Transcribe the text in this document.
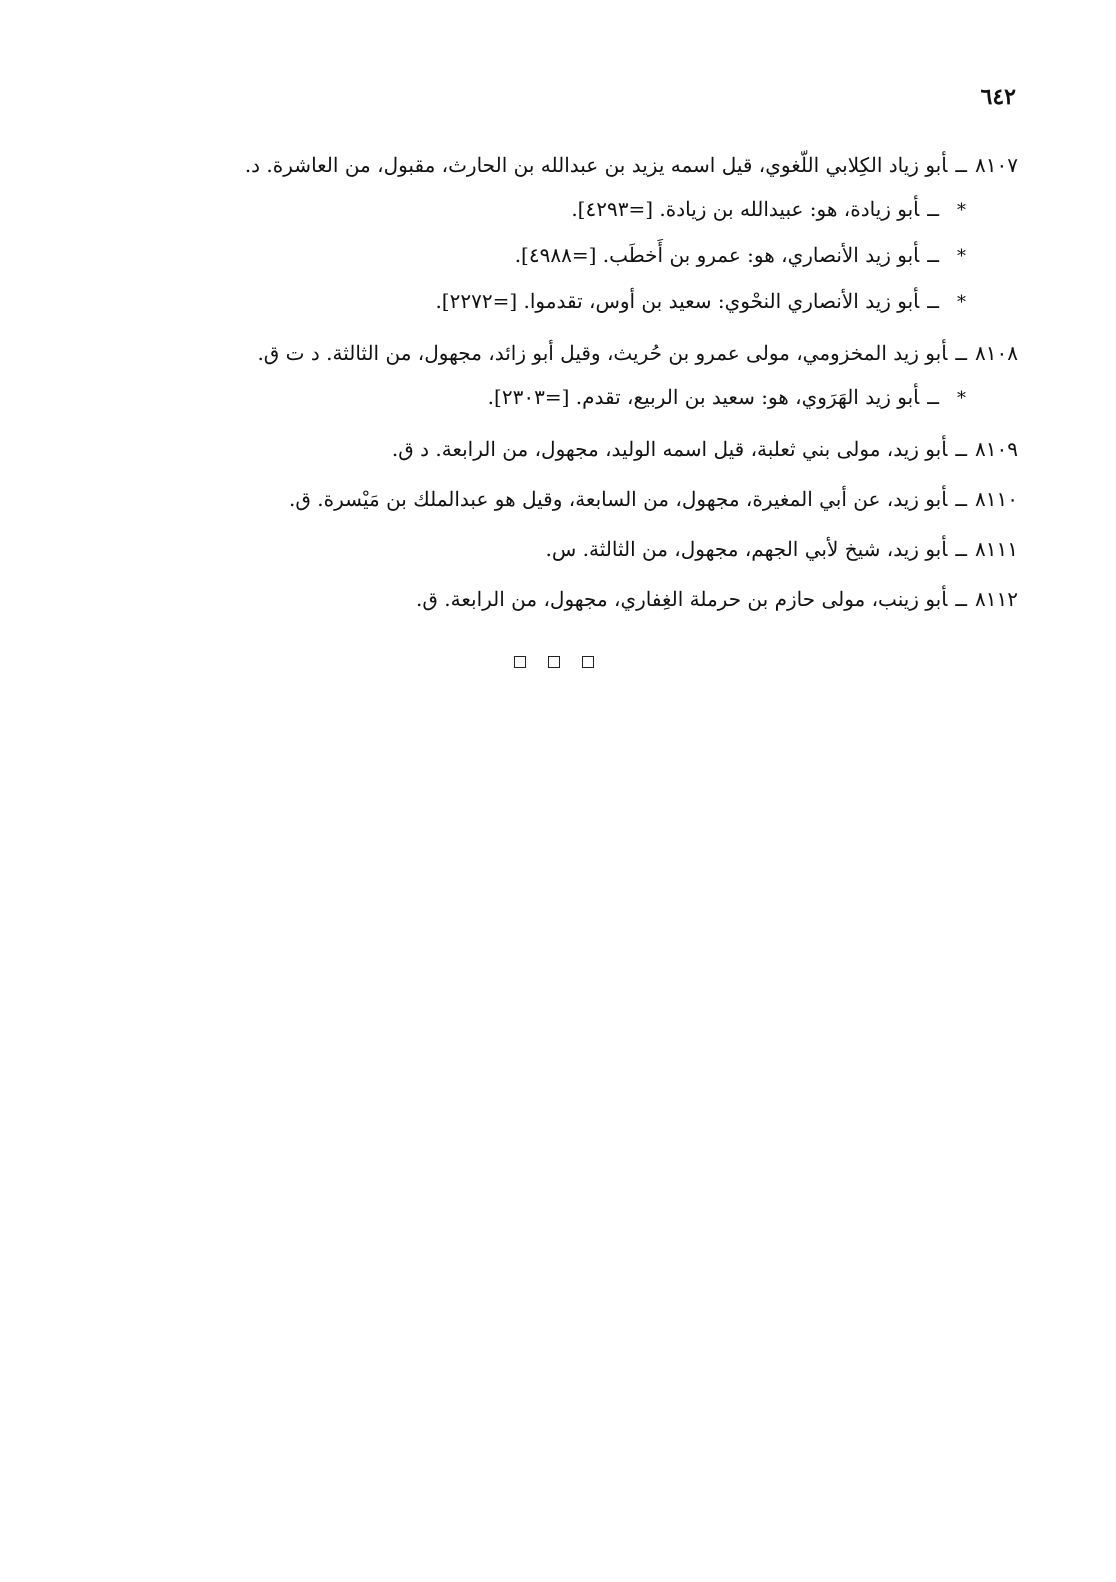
٦٤٢
٨١٠٧ــأبو زياد الكِلابي اللّغوي، قيل اسمه يزيد بن عبدالله بن الحارث، مقبول، من العاشرة. د.
*ــأبو زيادة، هو: عبيدالله بن زيادة. [=٤٢٩٣].
*ــأبو زيد الأنصاري، هو: عمرو بن أَخطَب. [=٤٩٨٨].
*ــأبو زيد الأنصاري النحْوي: سعيد بن أوس، تقدموا. [=٢٢٧٢].
٨١٠٨ــأبو زيد المخزومي، مولى عمرو بن حُريث، وقيل أبو زائد، مجهول، من الثالثة. د ت ق.
*ــأبو زيد الهَرَوي، هو: سعيد بن الربيع، تقدم. [=٢٣٠٣].
٨١٠٩ــأبو زيد، مولى بني ثعلبة، قيل اسمه الوليد، مجهول، من الرابعة. د ق.
٨١١٠ــأبو زيد، عن أبي المغيرة، مجهول، من السابعة، وقيل هو عبدالملك بن مَيْسرة. ق.
٨١١١ــأبو زيد، شيخ لأبي الجهم، مجهول، من الثالثة. س.
٨١١٢ــأبو زينب، مولى حازم بن حرملة الغِفاري، مجهول، من الرابعة. ق.
